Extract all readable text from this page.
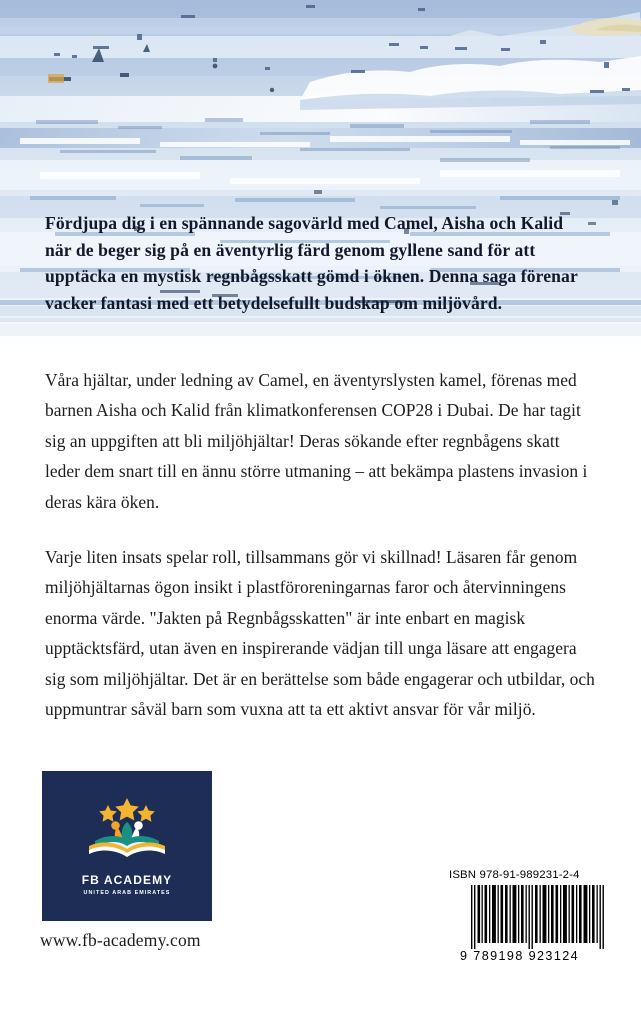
Fördjupa dig i en spännande sagovärld med Camel, Aisha och Kalid när de beger sig på en äventyrlig färd genom gyllene sand för att upptäcka en mystisk regnbågsskatt gömd i öknen. Denna saga förenar vacker fantasi med ett betydelsefullt budskap om miljövård.

Våra hjältar, under ledning av Camel, en äventyrslysten kamel, förenas med barnen Aisha och Kalid från klimatkonferensen COP28 i Dubai. De har tagit sig an uppgiften att bli miljöhjältar! Deras sökande efter regnbågens skatt leder dem snart till en ännu större utmaning – att bekämpa plastens invasion i deras kära öken.

Varje liten insats spelar roll, tillsammans gör vi skillnad! Läsaren får genom miljöhjältarnas ögon insikt i plastföroreningarnas faror och återvinningens enorma värde. "Jakten på Regnbågsskatten" är inte enbart en magisk upptäcktsfärd, utan även en inspirerande vädjan till unga läsare att engagera sig som miljöhjältar. Det är en berättelse som både engagerar och utbildar, och uppmuntrar såväl barn som vuxna att ta ett aktivt ansvar för vår miljö.

FB ACADEMY
UNITED ARAB EMIRATES
www.fb-academy.com
ISBN 978-91-989231-2-4
9 789198 923124
